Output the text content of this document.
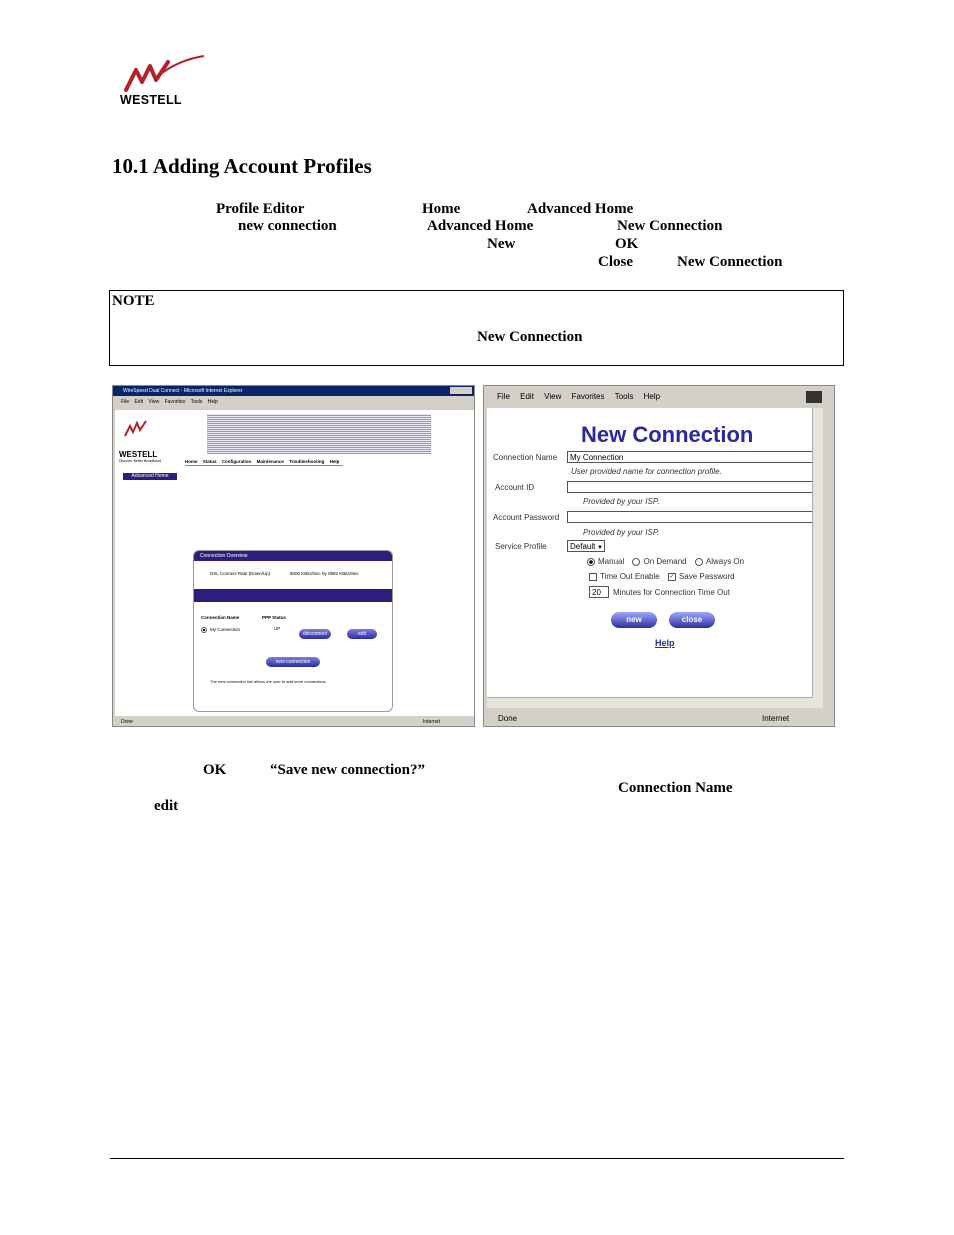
WESTELL
10.1 Adding Account Profiles
Profile Editor	Home	Advanced Home
new connection	Advanced Home	New Connection
New	OK
Close	New Connection
NOTE
New Connection
WireSpeed Dual Connect - Microsoft Internet Explorer
File Edit View Favorites Tools Help
WESTELL
Discover Better Broadband	Home Status Configuration Maintenance Troubleshooting Help
Advanced Home
Connection Overview
DSL Connect Rate (Down/Up)	8000 KBits/Sec by 0992 KBits/Sec
Connection Name	PPP Status
My Connection	UP
disconnect	edit
new connection
The new connection link allows the user to add more connections.
Done	Internet
File Edit View Favorites Tools Help
New Connection
Connection Name	My Connection
User provided name for connection profile.
Account ID
Provided by your ISP.
Account Password
Provided by your ISP.
Service Profile	Default ▼
Manual On Demand Always On
Time Out Enable ✓ Save Password
20	Minutes for Connection Time Out
new	close
Help
Done	Internet
OK	“Save new connection?”
Connection Name
edit
